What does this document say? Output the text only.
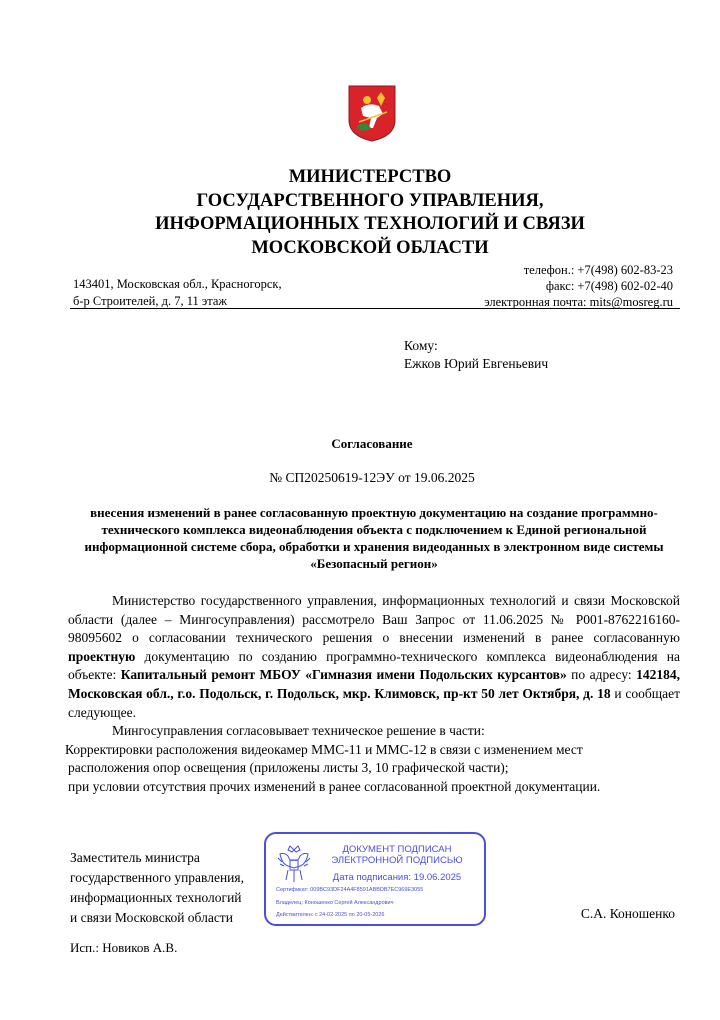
МИНИСТЕРСТВО
ГОСУДАРСТВЕННОГО УПРАВЛЕНИЯ,
ИНФОРМАЦИОННЫХ ТЕХНОЛОГИЙ И СВЯЗИ
МОСКОВСКОЙ ОБЛАСТИ
143401, Московская обл., Красногорск,
б-р Строителей, д. 7, 11 этаж
телефон.: +7(498) 602-83-23
факс: +7(498) 602-02-40
электронная почта: mits@mosreg.ru
Кому:
Ежков Юрий Евгеньевич
Согласование
№ СП20250619-12ЭУ от 19.06.2025
внесения изменений в ранее согласованную проектную документацию на создание программно-технического комплекса видеонаблюдения объекта с подключением к Единой региональной информационной системе сбора, обработки и хранения видеоданных в электронном виде системы «Безопасный регион»

Министерство государственного управления, информационных технологий и связи Московской области (далее – Мингосуправления) рассмотрело Ваш Запрос от 11.06.2025 № Р001-8762216160-98095602 о согласовании технического решения о внесении изменений в ранее согласованную проектную документацию по созданию программно-технического комплекса видеонаблюдения на объекте: Капитальный ремонт МБОУ «Гимназия имени Подольских курсантов» по адресу: 142184, Московская обл., г.о. Подольск, г. Подольск, мкр. Климовск, пр-кт 50 лет Октября, д. 18 и сообщает следующее.

Мингосуправления согласовывает техническое решение в части:

Корректировки расположения видеокамер ММС-11 и ММС-12 в связи с изменением мест
расположения опор освещения (приложены листы 3, 10 графической части);
при условии отсутствия прочих изменений в ранее согласованной проектной документации.
Заместитель министра
государственного управления,
информационных технологий
и связи Московской области
ДОКУМЕНТ ПОДПИСАН
ЭЛЕКТРОННОЙ ПОДПИСЬЮ
Дата подписания: 19.06.2025
Сертификат: 009BC93DF24A4F8591ABBDB7EC969E3055
Владелец: Коношенко Сергей Александрович
Действителен: с 24-02-2025 по 20-05-2026	С.А. Коношенко
Исп.: Новиков А.В.
